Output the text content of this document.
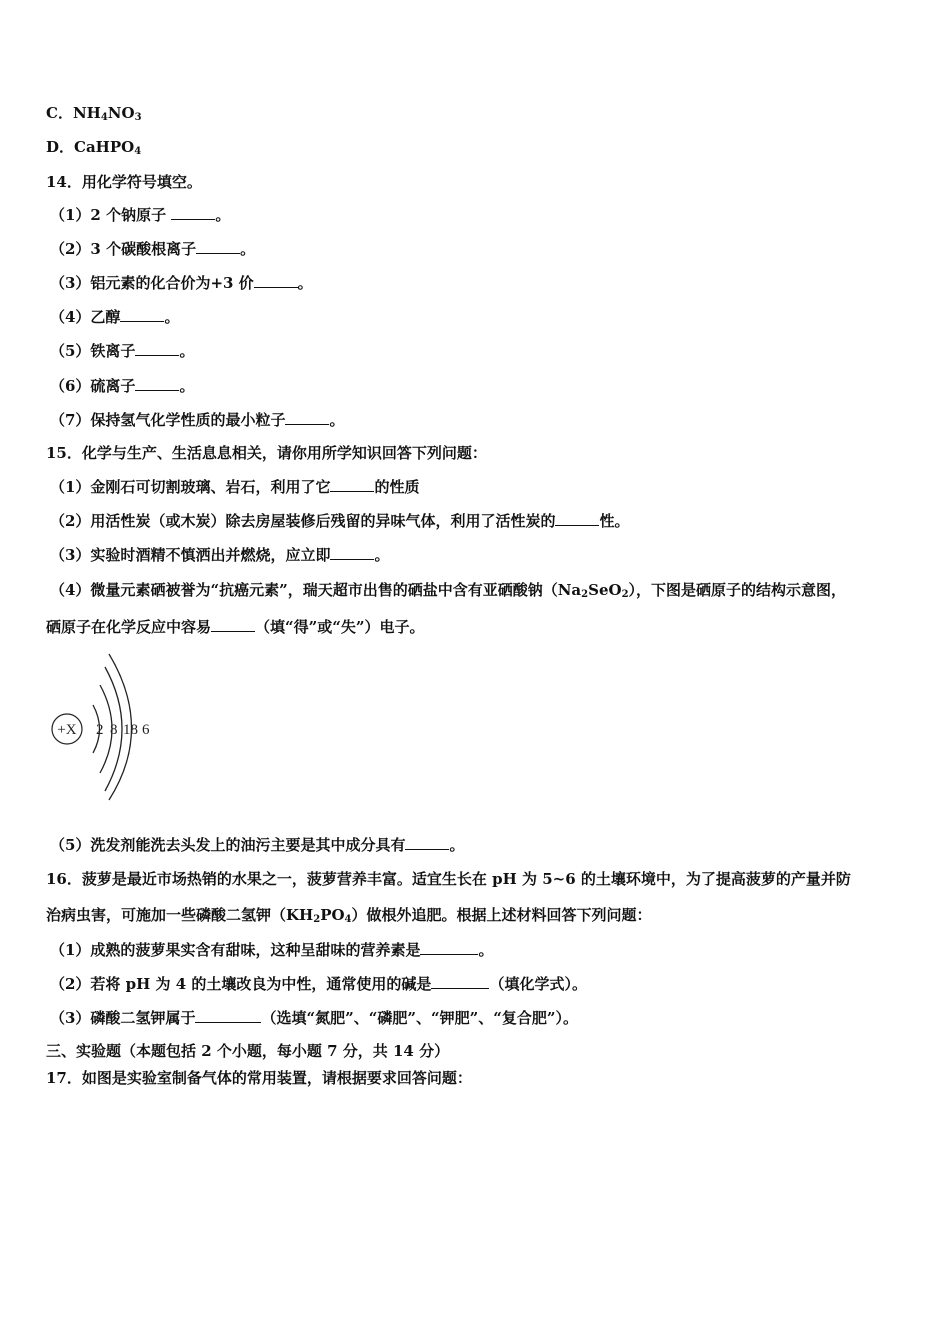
C．$NH_4NO_3$
D．CaHPO$_4$
14．用化学符号填空。
（1）2 个钠原子	。
（2）3 个碳酸根离子	。
（3）铝元素的化合价为+3 价	。
（4）乙醇	。
（5）铁离子	。
（6）硫离子	。
（7）保持氢气化学性质的最小粒子	。
15．化学与生产、生活息息相关，请你用所学知识回答下列问题：
（1）金刚石可切割玻璃、岩石，利用了它	的性质
（2）用活性炭（或木炭）除去房屋装修后残留的异味气体，利用了活性炭的	性。
（3）实验时酒精不慎洒出并燃烧，应立即	。
（4）微量元素硒被誉为“抗癌元素”，瑞天超市出售的硒盐中含有亚硒酸钠$(Na_2SeO_2)$，下图是硒原子的结构示意图，
硒原子在化学反应中容易	（填“得”或“失”）电子。
+X 2 8 18 6
（5）洗发剂能洗去头发上的油污主要是其中成分具有	。
16．菠萝是最近市场热销的水果之一，菠萝营养丰富。适宜生长在 pH 为 5~6 的土壤环境中，为了提高菠萝的产量并防
治病虫害，可施加一些磷酸二氢钾$(KH_2PO_4)$做根外追肥。根据上述材料回答下列问题：
（1）成熟的菠萝果实含有甜味，这种呈甜味的营养素是	。
（2）若将 pH 为 4 的土壤改良为中性，通常使用的碱是	（填化学式）。
（3）磷酸二氢钾属于	（选填“氮肥”、“磷肥”、“钾肥”、“复合肥”）。
三、实验题（本题包括 2 个小题，每小题 7 分，共 14 分）
17．如图是实验室制备气体的常用装置，请根据要求回答问题：
